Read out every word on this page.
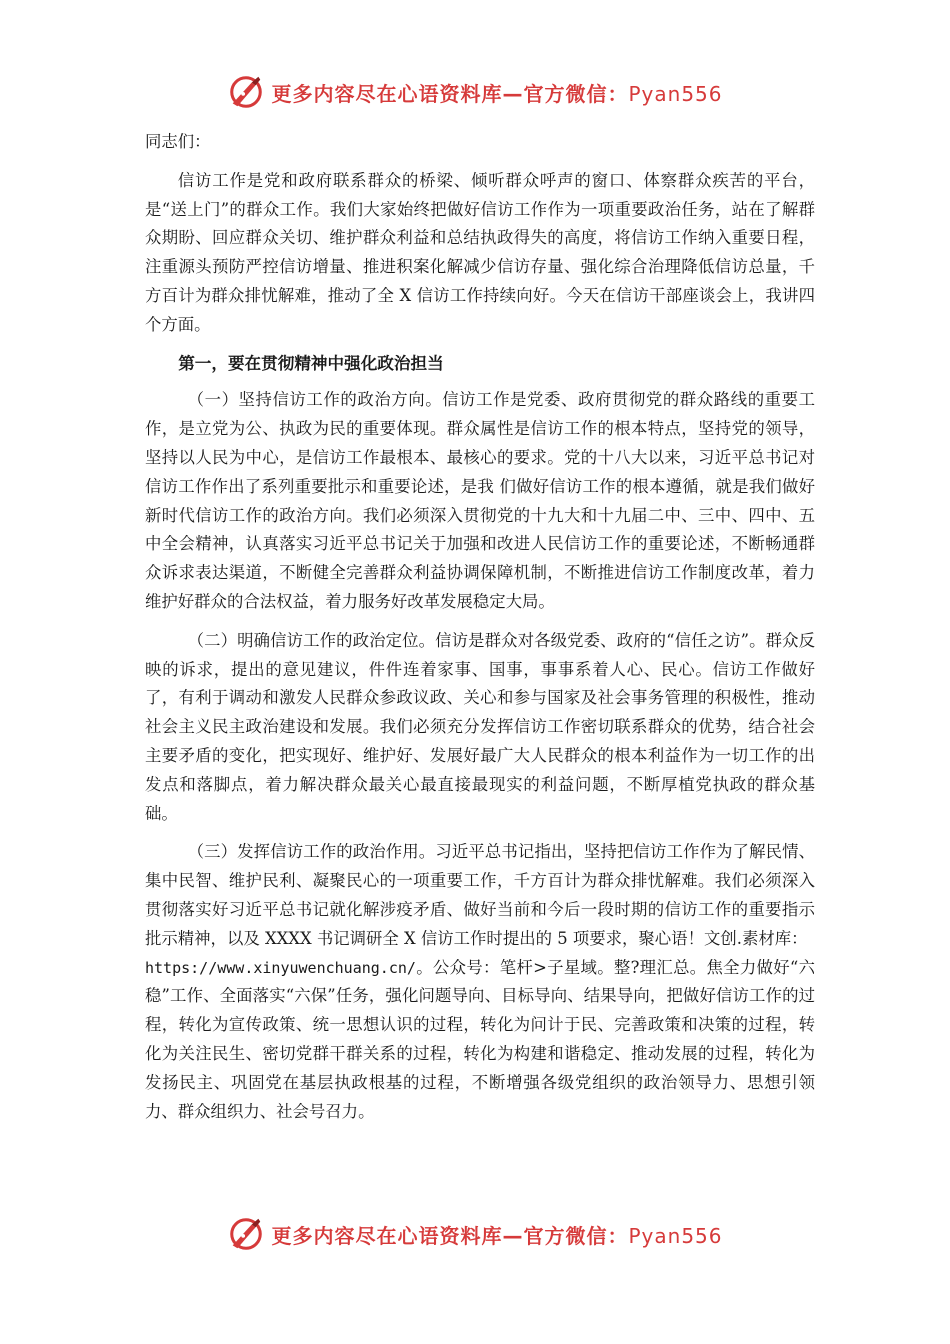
更多内容尽在心语资料库—官方微信：Pyan556

同志们：

信访工作是党和政府联系群众的桥梁、倾听群众呼声的窗口、体察群众疾苦的平台，是“送上门”的群众工作。我们大家始终把做好信访工作作为一项重要政治任务，站在了解群众期盼、回应群众关切、维护群众利益和总结执政得失的高度，将信访工作纳入重要日程，注重源头预防严控信访增量、推进积案化解减少信访存量、强化综合治理降低信访总量，千方百计为群众排忧解难，推动了全 X 信访工作持续向好。今天在信访干部座谈会上，我讲四个方面。

第一，要在贯彻精神中强化政治担当

（一）坚持信访工作的政治方向。信访工作是党委、政府贯彻党的群众路线的重要工作，是立党为公、执政为民的重要体现。群众属性是信访工作的根本特点，坚持党的领导，坚持以人民为中心，是信访工作最根本、最核心的要求。党的十八大以来，习近平总书记对信访工作作出了系列重要批示和重要论述，是我 们做好信访工作的根本遵循，就是我们做好新时代信访工作的政治方向。我们必须深入贯彻党的十九大和十九届二中、三中、四中、五中全会精神，认真落实习近平总书记关于加强和改进人民信访工作的重要论述，不断畅通群众诉求表达渠道，不断健全完善群众利益协调保障机制，不断推进信访工作制度改革，着力维护好群众的合法权益，着力服务好改革发展稳定大局。

（二）明确信访工作的政治定位。信访是群众对各级党委、政府的“信任之访”。群众反映的诉求，提出的意见建议，件件连着家事、国事，事事系着人心、民心。信访工作做好了，有利于调动和激发人民群众参政议政、关心和参与国家及社会事务管理的积极性，推动社会主义民主政治建设和发展。我们必须充分发挥信访工作密切联系群众的优势，结合社会主要矛盾的变化，把实现好、维护好、发展好最广大人民群众的根本利益作为一切工作的出发点和落脚点，着力解决群众最关心最直接最现实的利益问题，不断厚植党执政的群众基础。

（三）发挥信访工作的政治作用。习近平总书记指出，坚持把信访工作作为了解民情、集中民智、维护民利、凝聚民心的一项重要工作，千方百计为群众排忧解难。我们必须深入贯彻落实好习近平总书记就化解涉疫矛盾、做好当前和今后一段时期的信访工作的重要指示批示精神，以及 XXXX 书记调研全 X 信访工作时提出的 5 项要求，聚心语！文创.素材库：
https://www.xinyuwenchuang.cn/。公众号：笔杆>子星域。整?理汇总。焦全力做好“六稳”工作、全面落实“六保”任务，强化问题导向、目标导向、结果导向，把做好信访工作的过程，转化为宣传政策、统一思想认识的过程，转化为问计于民、完善政策和决策的过程，转化为关注民生、密切党群干群关系的过程，转化为构建和谐稳定、推动发展的过程，转化为发扬民主、巩固党在基层执政根基的过程，不断增强各级党组织的政治领导力、思想引领力、群众组织力、社会号召力。

更多内容尽在心语资料库—官方微信：Pyan556
